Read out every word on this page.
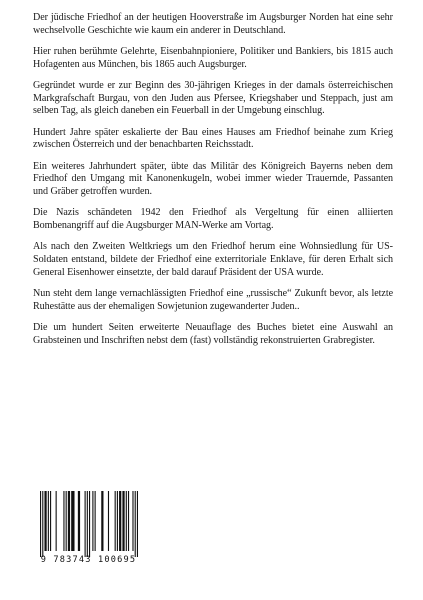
Der jüdische Friedhof an der heutigen Hooverstraße im Augsburger Norden hat eine sehr wechselvolle Geschichte wie kaum ein anderer in Deutschland.

Hier ruhen berühmte Gelehrte, Eisenbahnpioniere, Politiker und Bankiers, bis 1815 auch Hofagenten aus München, bis 1865 auch Augsburger.

Gegründet wurde er zur Beginn des 30-jährigen Krieges in der damals österreichischen Markgrafschaft Burgau, von den Juden aus Pfersee, Kriegshaber und Steppach, just am selben Tag, als gleich daneben ein Feuerball in der Umgebung einschlug.

Hundert Jahre später eskalierte der Bau eines Hauses am Friedhof beinahe zum Krieg zwischen Österreich und der benachbarten Reichsstadt.

Ein weiteres Jahrhundert später, übte das Militär des Königreich Bayerns neben dem Friedhof den Umgang mit Kanonenkugeln, wobei immer wieder Trauernde, Passanten und Gräber getroffen wurden.

Die Nazis schändeten 1942 den Friedhof als Vergeltung für einen alliierten Bombenangriff auf die Augsburger MAN-Werke am Vortag.

Als nach den Zweiten Weltkriegs um den Friedhof herum eine Wohnsiedlung für US-Soldaten entstand, bildete der Friedhof eine exterritoriale Enklave, für deren Erhalt sich General Eisenhower einsetzte, der bald darauf Präsident der USA wurde.

Nun steht dem lange vernachlässigten Friedhof eine „russische“ Zukunft bevor, als letzte Ruhestätte aus der ehemaligen Sowjetunion zugewanderter Juden..

Die um hundert Seiten erweiterte Neuauflage des Buches bietet eine Auswahl an Grabsteinen und Inschriften nebst dem (fast) vollständig rekonstruierten Grabregister.

9 783743 100695
